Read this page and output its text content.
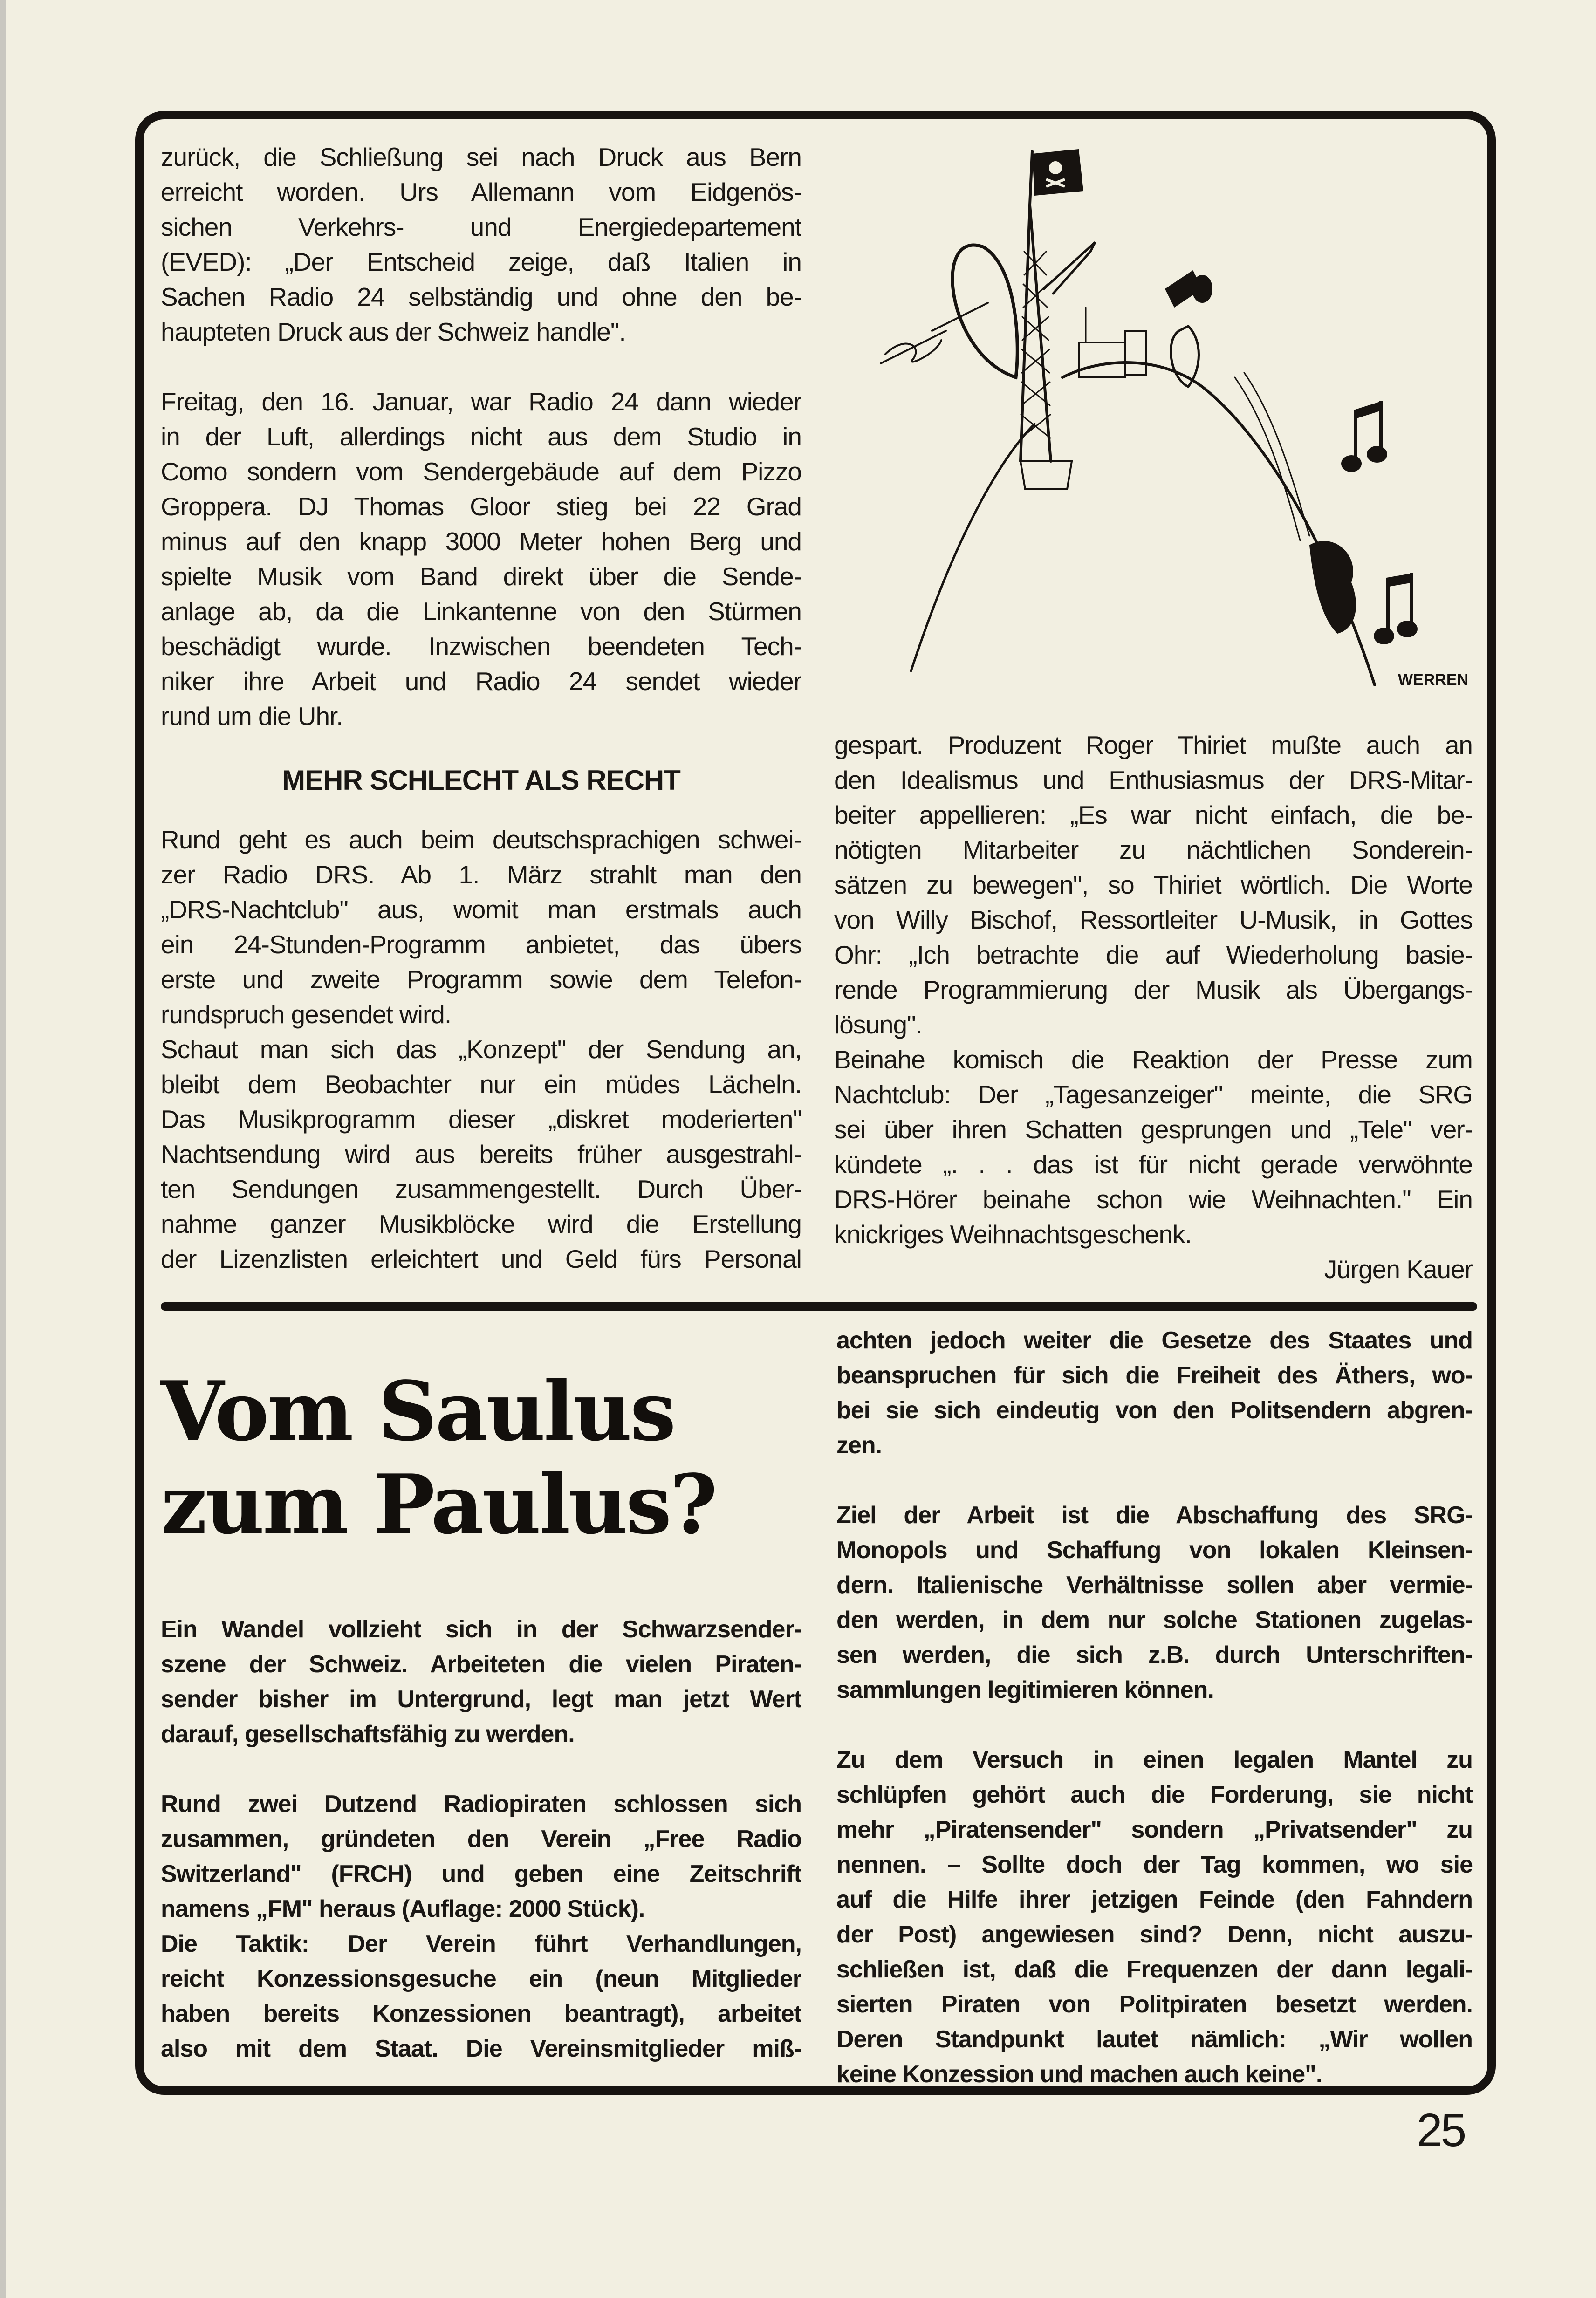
zurück, die Schließung sei nach Druck aus Bern
erreicht worden. Urs Allemann vom Eidgenös-
sichen Verkehrs- und Energiedepartement
(EVED): „Der Entscheid zeige, daß Italien in
Sachen Radio 24 selbständig und ohne den be-
haupteten Druck aus der Schweiz handle".
Freitag, den 16. Januar, war Radio 24 dann wieder
in der Luft, allerdings nicht aus dem Studio in
Como sondern vom Sendergebäude auf dem Pizzo
Groppera. DJ Thomas Gloor stieg bei 22 Grad
minus auf den knapp 3000 Meter hohen Berg und
spielte Musik vom Band direkt über die Sende-
anlage ab, da die Linkantenne von den Stürmen
beschädigt wurde. Inzwischen beendeten Tech-
niker ihre Arbeit und Radio 24 sendet wieder
rund um die Uhr.
MEHR SCHLECHT ALS RECHT
Rund geht es auch beim deutschsprachigen schwei-
zer Radio DRS. Ab 1. März strahlt man den
„DRS-Nachtclub" aus, womit man erstmals auch
ein 24-Stunden-Programm anbietet, das übers
erste und zweite Programm sowie dem Telefon-
rundspruch gesendet wird.
Schaut man sich das „Konzept" der Sendung an,
bleibt dem Beobachter nur ein müdes Lächeln.
Das Musikprogramm dieser „diskret moderierten"
Nachtsendung wird aus bereits früher ausgestrahl-
ten Sendungen zusammengestellt. Durch Über-
nahme ganzer Musikblöcke wird die Erstellung
der Lizenzlisten erleichtert und Geld fürs Personal
WERREN
gespart. Produzent Roger Thiriet mußte auch an
den Idealismus und Enthusiasmus der DRS-Mitar-
beiter appellieren: „Es war nicht einfach, die be-
nötigten Mitarbeiter zu nächtlichen Sonderein-
sätzen zu bewegen", so Thiriet wörtlich. Die Worte
von Willy Bischof, Ressortleiter U-Musik, in Gottes
Ohr: „Ich betrachte die auf Wiederholung basie-
rende Programmierung der Musik als Übergangs-
lösung".
Beinahe komisch die Reaktion der Presse zum
Nachtclub: Der „Tagesanzeiger" meinte, die SRG
sei über ihren Schatten gesprungen und „Tele" ver-
kündete „. . . das ist für nicht gerade verwöhnte
DRS-Hörer beinahe schon wie Weihnachten." Ein
knickriges Weihnachtsgeschenk.
Jürgen Kauer
Vom Saulus
zum Paulus?
Ein Wandel vollzieht sich in der Schwarzsender-
szene der Schweiz. Arbeiteten die vielen Piraten-
sender bisher im Untergrund, legt man jetzt Wert
darauf, gesellschaftsfähig zu werden.
Rund zwei Dutzend Radiopiraten schlossen sich
zusammen, gründeten den Verein „Free Radio
Switzerland" (FRCH) und geben eine Zeitschrift
namens „FM" heraus (Auflage: 2000 Stück).
Die Taktik: Der Verein führt Verhandlungen,
reicht Konzessionsgesuche ein (neun Mitglieder
haben bereits Konzessionen beantragt), arbeitet
also mit dem Staat. Die Vereinsmitglieder miß-
achten jedoch weiter die Gesetze des Staates und
beanspruchen für sich die Freiheit des Äthers, wo-
bei sie sich eindeutig von den Politsendern abgren-
zen.
Ziel der Arbeit ist die Abschaffung des SRG-
Monopols und Schaffung von lokalen Kleinsen-
dern. Italienische Verhältnisse sollen aber vermie-
den werden, in dem nur solche Stationen zugelas-
sen werden, die sich z.B. durch Unterschriften-
sammlungen legitimieren können.
Zu dem Versuch in einen legalen Mantel zu
schlüpfen gehört auch die Forderung, sie nicht
mehr „Piratensender" sondern „Privatsender" zu
nennen. – Sollte doch der Tag kommen, wo sie
auf die Hilfe ihrer jetzigen Feinde (den Fahndern
der Post) angewiesen sind? Denn, nicht auszu-
schließen ist, daß die Frequenzen der dann legali-
sierten Piraten von Politpiraten besetzt werden.
Deren Standpunkt lautet nämlich: „Wir wollen
keine Konzession und machen auch keine".
25
